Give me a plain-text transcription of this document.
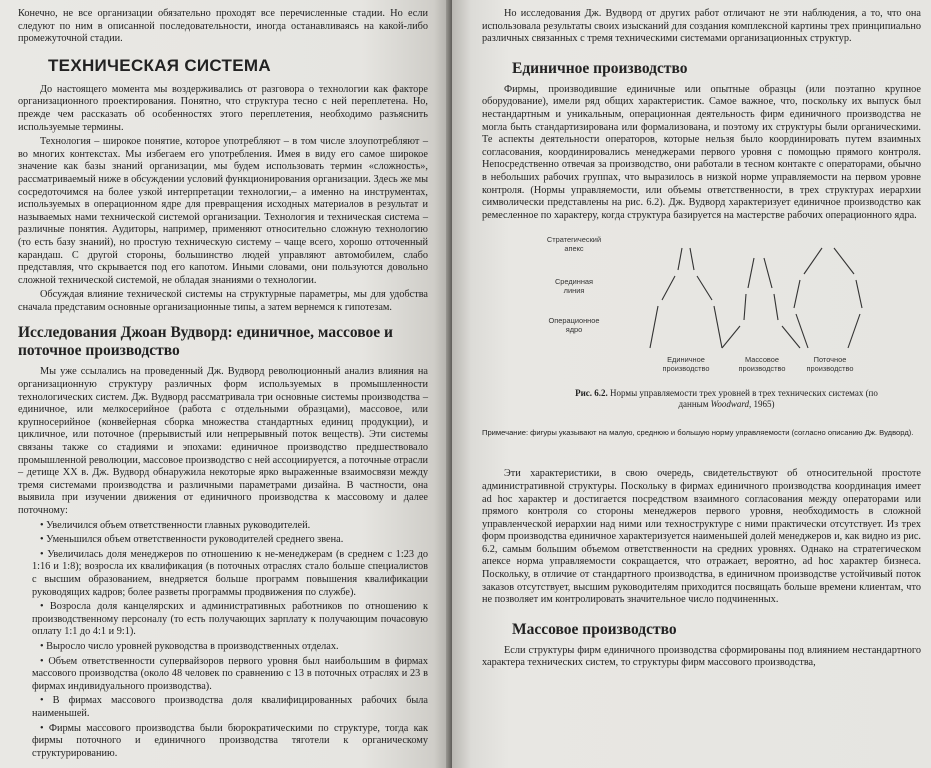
Конечно, не все организации обязательно проходят все перечисленные стадии. Но если следуют по ним в описанной последовательности, иногда останавливаясь на какой-либо промежуточной стадии.

ТЕХНИЧЕСКАЯ СИСТЕМА

До настоящего момента мы воздерживались от разговора о технологии как факторе организационного проектирования. Понятно, что структура тесно с ней переплетена. Но, прежде чем рассказать об особенностях этого переплетения, необходимо разъяснить используемые термины.

Технология – широкое понятие, которое употребляют – в том числе злоупотребляют – во многих контекстах. Мы избегаем его употребления. Имея в виду его самое широкое значение как базы знаний организации, мы будем использовать термин «сложность», рассматриваемый ниже в обсуждении условий функционирования организации. Здесь же мы сосредоточимся на более узкой интерпретации технологии,– а именно на инструментах, используемых в операционном ядре для превращения исходных материалов в результат и называемых нами технической системой организации. Технология и техническая система – различные понятия. Аудиторы, например, применяют относительно сложную технологию (то есть базу знаний), но простую техническую систему – чаще всего, хорошо отточенный карандаш. С другой стороны, большинство людей управляют автомобилем, слабо представляя, что скрывается под его капотом. Иными словами, они пользуются довольно сложной технической системой, не обладая знаниями о технологии.

Обсуждая влияние технической системы на структурные параметры, мы для удобства сначала представим основные организационные типы, а затем вернемся к гипотезам.

Исследования Джоан Вудворд: единичное, массовое и поточное производство

Мы уже ссылались на проведенный Дж. Вудворд революционный анализ влияния на организационную структуру различных форм используемых в промышленности технологических систем. Дж. Вудворд рассматривала три основные системы производства – единичное, или мелкосерийное (работа с отдельными образцами), массовое, или крупносерийное (конвейерная сборка множества стандартных единиц продукции), и цикличное, или поточное (прерывистый или непрерывный поток веществ). Эти системы связаны также со стадиями и эпохами: единичное производство предшествовало промышленной революции, массовое производство с ней ассоциируется, а поточные отрасли – детище XX в. Дж. Вудворд обнаружила некоторые ярко выраженные взаимосвязи между тремя системами производства и различными параметрами дизайна. В частности, она выявила при изучении движения от единичного производства к массовому и далее поточному:

• Увеличился объем ответственности главных руководителей.
• Уменьшился объем ответственности руководителей среднего звена.
• Увеличилась доля менеджеров по отношению к не-менеджерам (в среднем с 1:23 до 1:16 и 1:8); возросла их квалификация (в поточных отраслях стало больше специалистов с высшим образованием, внедряется больше программ повышения квалификации руководящих кадров; более разветы программы продвижения по службе).
• Возросла доля канцелярских и административных работников по отношению к производственному персоналу (то есть получающих зарплату к получающим почасовую оплату 1:1 до 4:1 и 9:1).
• Выросло число уровней руководства в производственных отделах.
• Объем ответственности супервайзоров первого уровня был наибольшим в фирмах массового производства (около 48 человек по сравнению с 13 в поточных отраслях и 23 в фирмах индивидуального производства).
• В фирмах массового производства доля квалифицированных рабочих была наименьшей.
• Фирмы массового производства были бюрократическими по структуре, тогда как фирмы поточного и единичного производства тяготели к органическому структурированию.

Но исследования Дж. Вудворд от других работ отличают не эти наблюдения, а то, что она использовала результаты своих изысканий для создания комплексной картины трех принципиально различных связанных с тремя техническими системами организационных структур.

Единичное производство

Фирмы, производившие единичные или опытные образцы (или поэтапно крупное оборудование), имели ряд общих характеристик. Самое важное, что, поскольку их выпуск был нестандартным и уникальным, операционная деятельность фирм единичного производства не могла быть стандартизирована или формализована, и поэтому их структуры были органическими. Те аспекты деятельности операторов, которые нельзя было координировать путем взаимных согласования, координировались менеджерами первого уровня с помощью прямого контроля. Непосредственно отвечая за производство, они работали в тесном контакте с операторами, обычно в небольших рабочих группах, что выразилось в низкой норме управляемости на первом уровне контроля. (Нормы управляемости, или объемы ответственности, в трех структурах иерархии символически представлены на рис. 6.2). Дж. Вудворд характеризует единичное производство как ремесленное по характеру, когда структура базируется на мастерстве рабочих операционного ядра.

Стратегический
апекс
Срединная
линия
Операционное
ядро
Единичное
производство
Массовое
производство
Поточное
производство
Рис. 6.2. Нормы управляемости трех уровней в трех технических системах (по данным Woodward, 1965)
Примечание: фигуры указывают на малую, среднюю и большую норму управляемости (согласно описанию Дж. Вудворд).

Эти характеристики, в свою очередь, свидетельствуют об относительной простоте административной структуры. Поскольку в фирмах единичного производства координация имеет ad hoc характер и достигается посредством взаимного согласования между операторами или прямого контроля со стороны менеджеров первого уровня, необходимость в сложной управленческой иерархии над ними или техноструктуре с ними практически отсутствует. Из трех форм производства единичное характеризуется наименьшей долей менеджеров и, как видно из рис. 6.2, самым большим объемом ответственности на средних уровнях. Однако на стратегическом апексе норма управляемости сокращается, что отражает, вероятно, ad hoc характер бизнеса. Поскольку, в отличие от стандартного производства, в единичном производстве устойчивый поток заказов отсутствует, высшим руководителям приходится посвящать больше времени клиентам, что не позволяет им контролировать значительное число подчиненных.

Массовое производство

Если структуры фирм единичного производства сформированы под влиянием нестандартного характера технических систем, то структуры фирм массового производства,
